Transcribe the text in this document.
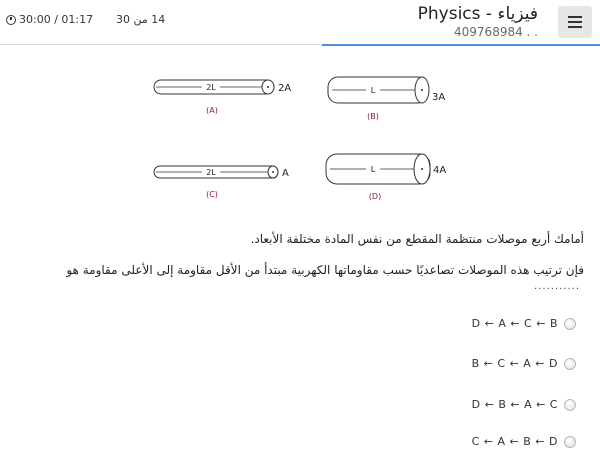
Physics - فيزياء
409768984 . .
14 من 30
30:00 / 01:17
2L	2A
(A)
L
3A
(B)
2L	A
(C)
L	4A
(D)
أمامك أربع موصلات منتظمة المقطع من نفس المادة مختلفة الأبعاد.
فإن ترتيب هذه الموصلات تصاعديًا حسب مقاوماتها الكهربية مبتدأ من الأقل مقاومة إلى الأعلى مقاومة هو
...........
D ← A ← C ← B
B ← C ← A ← D
D ← B ← A ← C
C ← A ← B ← D
